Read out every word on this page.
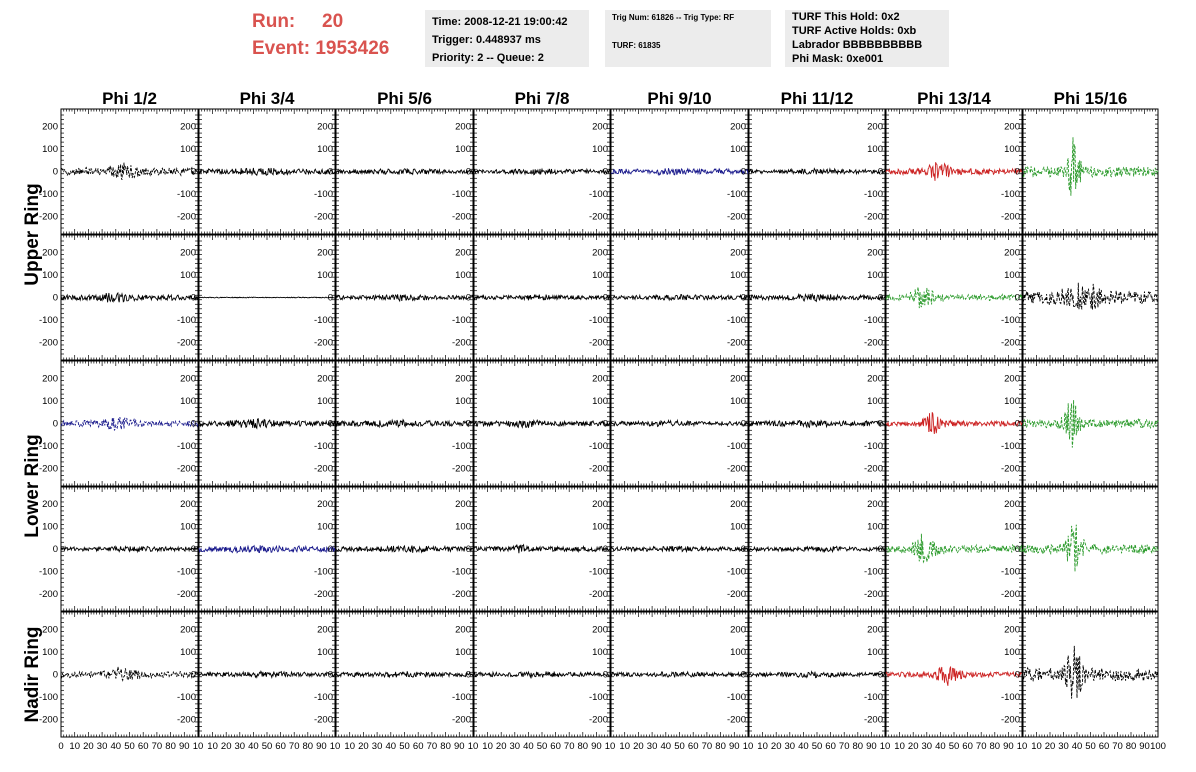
Run: 20
Event: 1953426
Time: 2008-12-21 19:00:42
Trigger: 0.448937 ms
Priority: 2 -- Queue: 2
Trig Num: 61826 -- Trig Type: RF
TURF: 61835
TURF This Hold: 0x2
TURF Active Holds: 0xb
Labrador BBBBBBBBBB
Phi Mask: 0xe001
Phi 1/2	Phi 3/4	Phi 5/6	Phi 7/8	Phi 9/10	Phi 11/12	Phi 13/14	Phi 15/16
Upper Ring
Lower Ring
Nadir Ring
-200
-100
0
100
200
-200
-100
0
100
200
-200
-100
0
100
200
-200
-100
0
100
200
-200
-100
0
100
200
-200
-100
0
100
200
-200
-100
0
100
200
-200
-100
0
100
200
-200
-100
0
100
200
-200
-100
0
100
200
-200
-100
0
100
200
-200
-100
0
100
200
-200
-100
0
100
200
-200
-100
0
100
200
-200
-100
0
100
200
-200
-100
0
100
200
-200
-100
0
100
200
-200
-100
0
100
200
-200
-100
0
100
200
-200
-100
0
100
200
-200
-100
0
100
200
-200
-100
0
100
200
-200
-100
0
100
200
-200
-100
0
100
200
-200
-100
0
100
200
-200
-100
0
100
200
-200
-100
0
100
200
-200
-100
0
100
200
-200
-100
0
100
200
-200
-100
0
100
200
-200
-100
0
100
200
-200
-100
0
100
200
-200
-100
0
100
200
-200
-100
0
100
200
-200
-100
0
100
200
-200
-200
-200
-200
-200
-100
-100
-100
-100
-100
0
0
0
0
0
100
100
100
100
100
200
200
200
200
200
0 10 20 30 40 50 60 70 80 90 10 10 20 30 40 50 60 70 80 90 10 10 20 30 40 50 60 70 80 90 10 10 20 30 40 50 60 70 80 90 10 10 20 30 40 50 60 70 80 90 10 10 20 30 40 50 60 70 80 90 10 10 20 30 40 50 60 70 80 90 10 10 20 30 40 50 60 70 80 90 100
